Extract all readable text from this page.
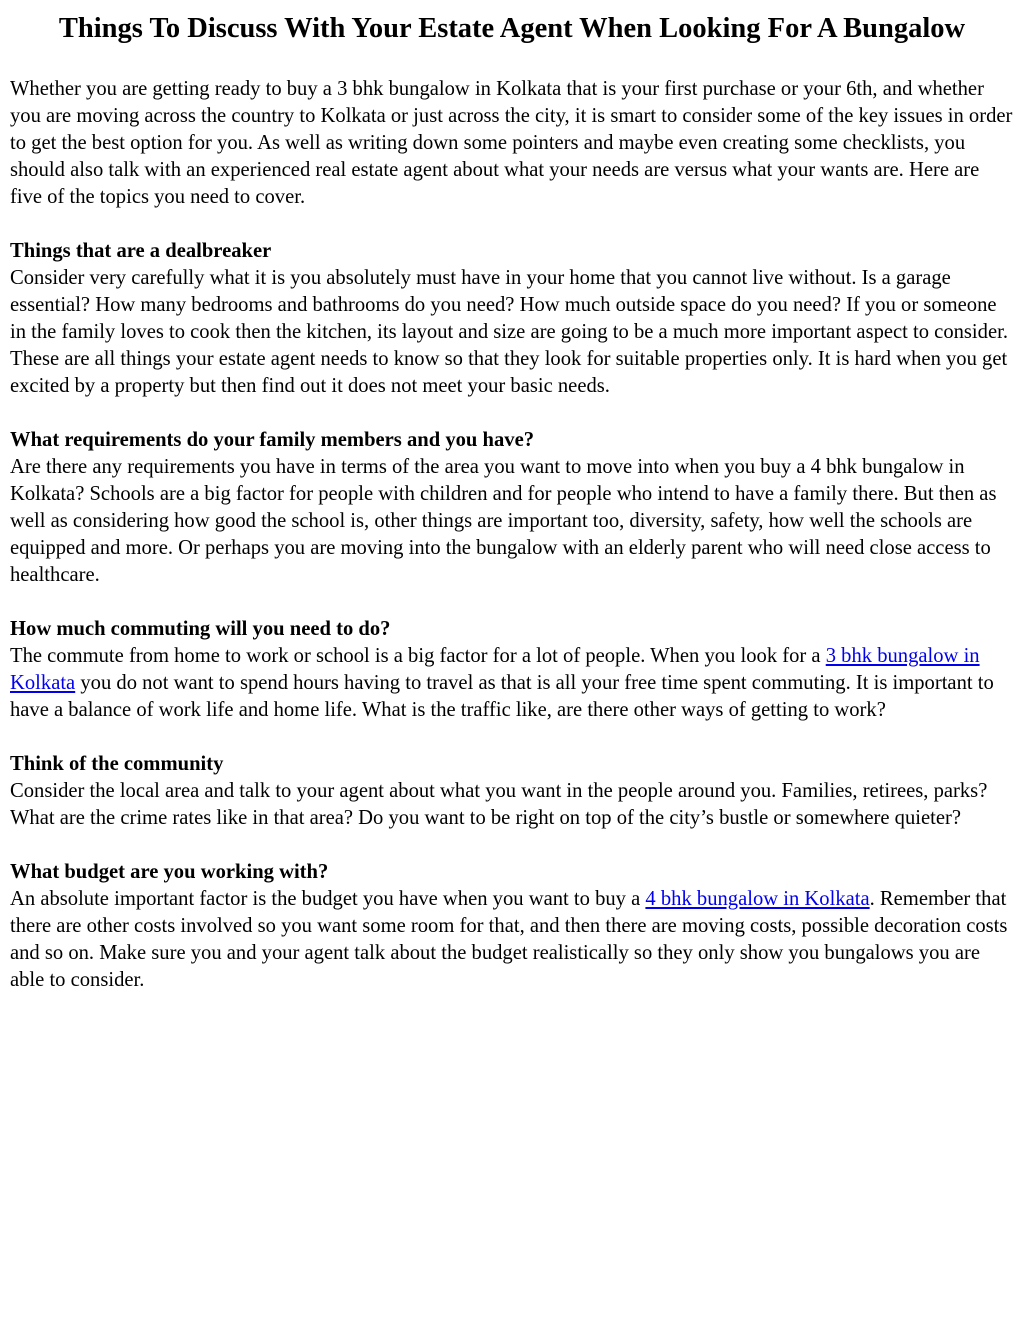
Things To Discuss With Your Estate Agent When Looking For A Bungalow

Whether you are getting ready to buy a 3 bhk bungalow in Kolkata that is your first purchase or your 6th, and whether you are moving across the country to Kolkata or just across the city, it is smart to consider some of the key issues in order to get the best option for you. As well as writing down some pointers and maybe even creating some checklists, you should also talk with an experienced real estate agent about what your needs are versus what your wants are. Here are five of the topics you need to cover.

Things that are a dealbreaker

Consider very carefully what it is you absolutely must have in your home that you cannot live without. Is a garage essential? How many bedrooms and bathrooms do you need? How much outside space do you need? If you or someone in the family loves to cook then the kitchen, its layout and size are going to be a much more important aspect to consider. These are all things your estate agent needs to know so that they look for suitable properties only. It is hard when you get excited by a property but then find out it does not meet your basic needs.

What requirements do your family members and you have?

Are there any requirements you have in terms of the area you want to move into when you buy a 4 bhk bungalow in Kolkata? Schools are a big factor for people with children and for people who intend to have a family there. But then as well as considering how good the school is, other things are important too, diversity, safety, how well the schools are equipped and more. Or perhaps you are moving into the bungalow with an elderly parent who will need close access to healthcare.

How much commuting will you need to do?

The commute from home to work or school is a big factor for a lot of people. When you look for a 3 bhk bungalow in Kolkata you do not want to spend hours having to travel as that is all your free time spent commuting. It is important to have a balance of work life and home life. What is the traffic like, are there other ways of getting to work?

Think of the community

Consider the local area and talk to your agent about what you want in the people around you. Families, retirees, parks? What are the crime rates like in that area? Do you want to be right on top of the city’s bustle or somewhere quieter?

What budget are you working with?

An absolute important factor is the budget you have when you want to buy a 4 bhk bungalow in Kolkata. Remember that there are other costs involved so you want some room for that, and then there are moving costs, possible decoration costs and so on. Make sure you and your agent talk about the budget realistically so they only show you bungalows you are able to consider.
